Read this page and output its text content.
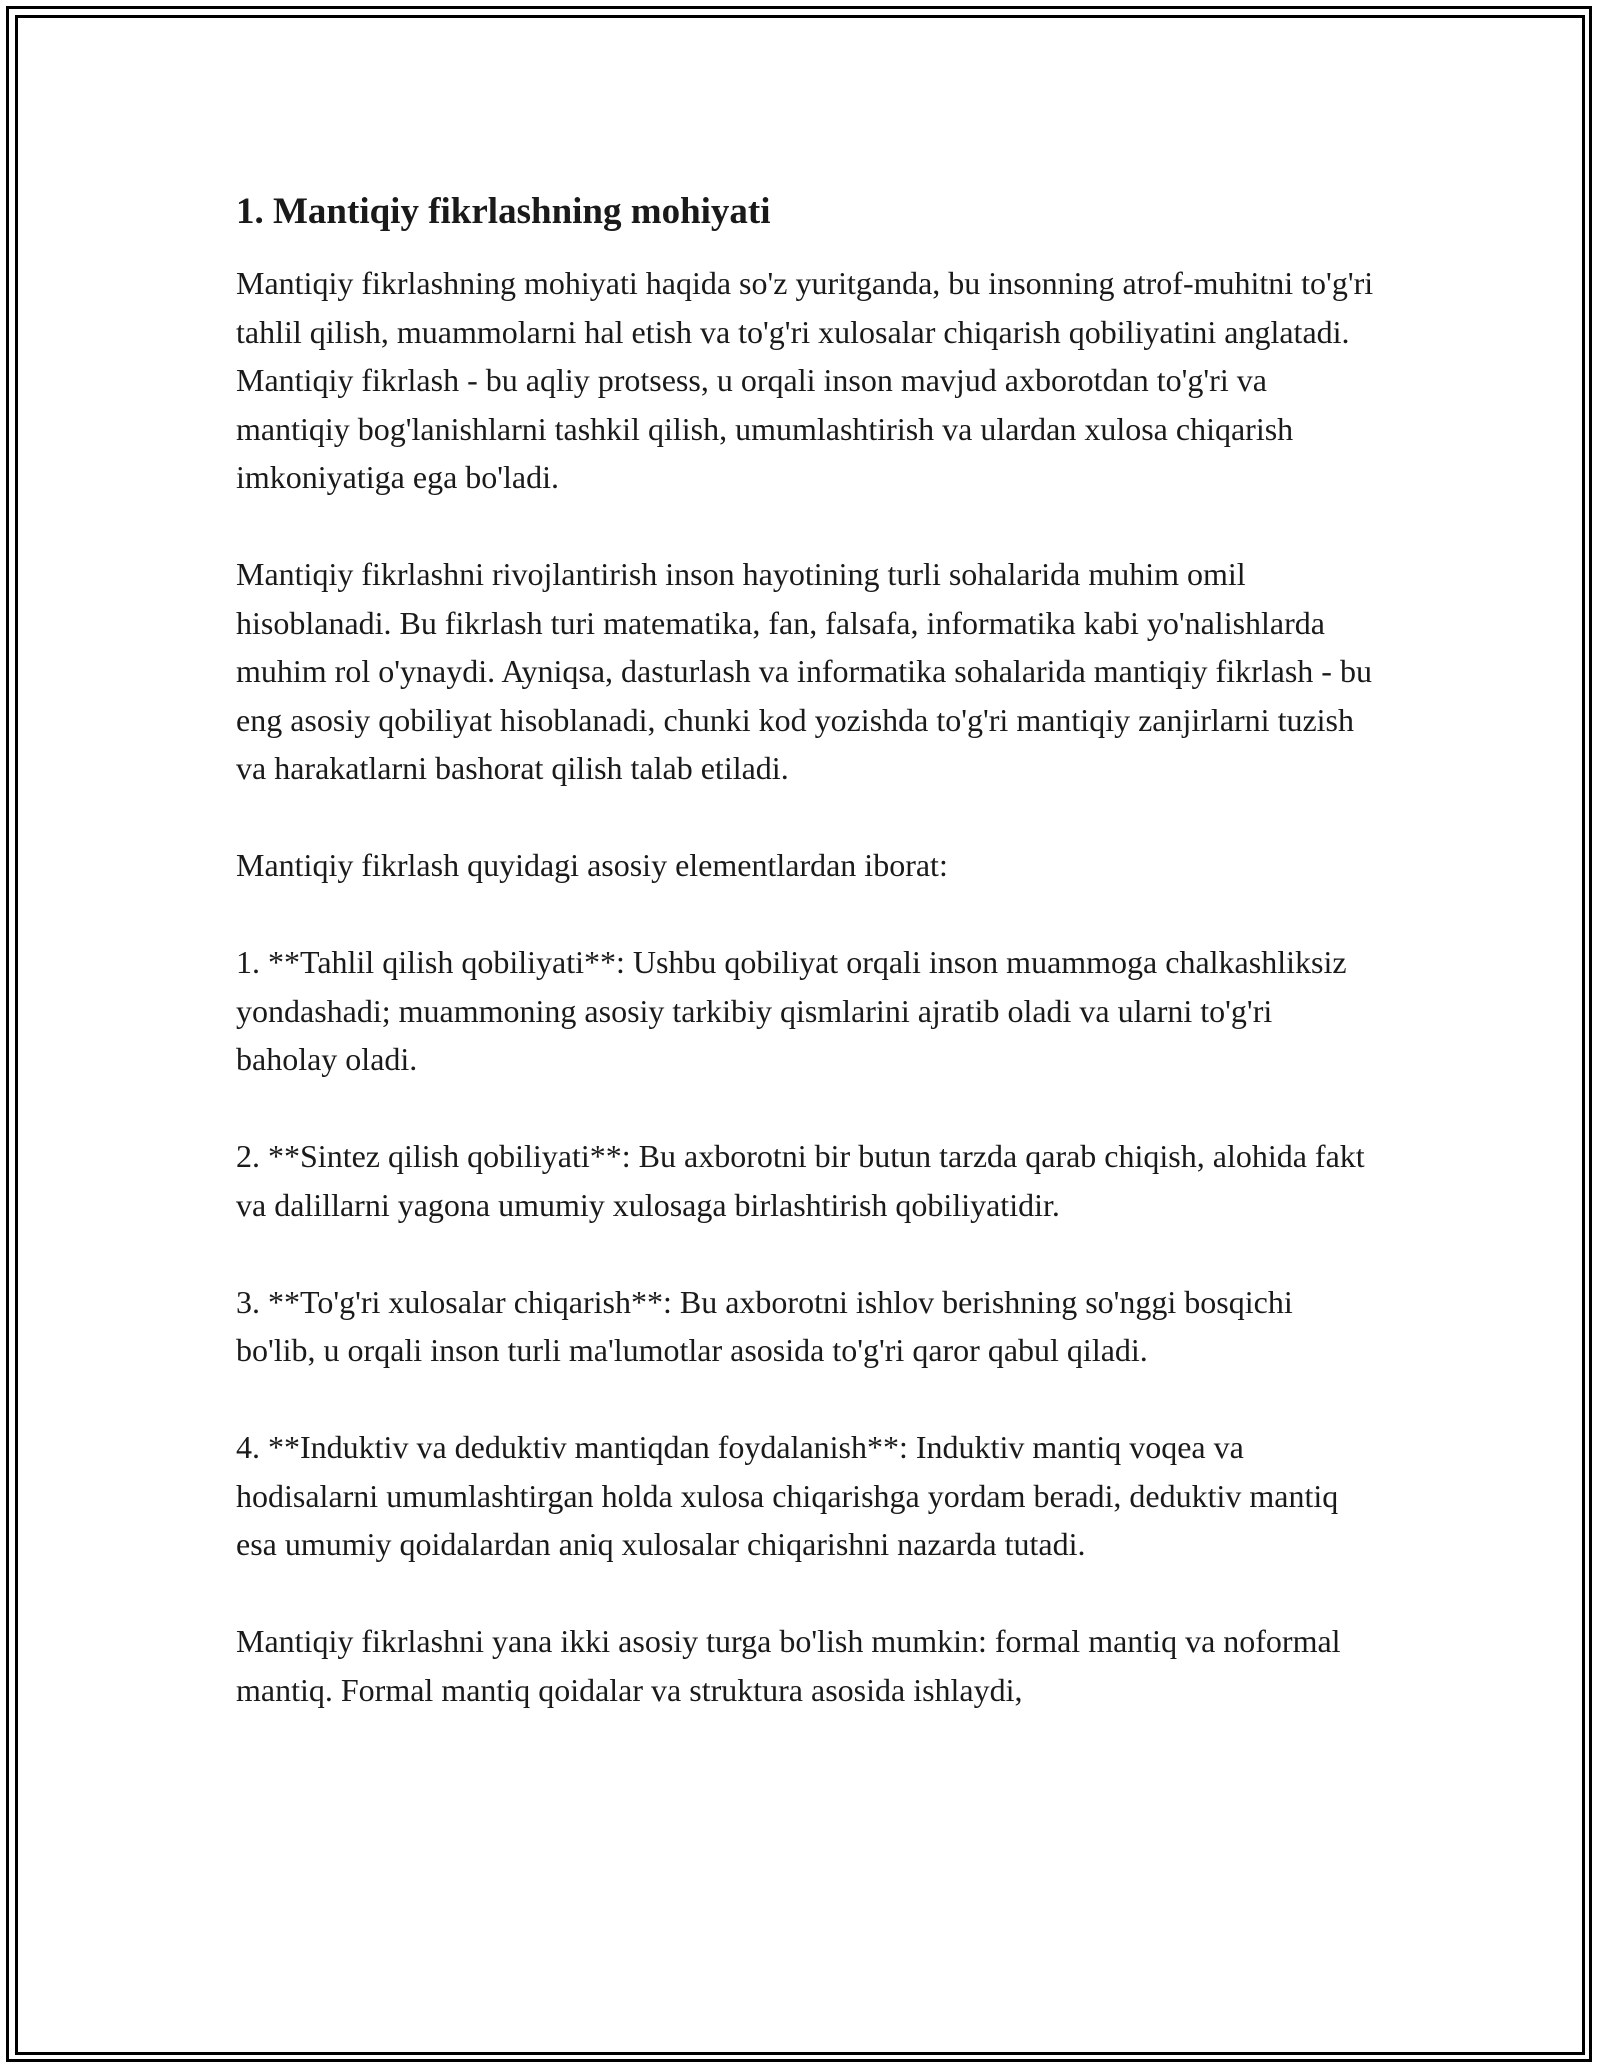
1. Mantiqiy fikrlashning mohiyati

Mantiqiy fikrlashning mohiyati haqida so'z yuritganda, bu insonning atrof-muhitni to'g'ri tahlil qilish, muammolarni hal etish va to'g'ri xulosalar chiqarish qobiliyatini anglatadi. Mantiqiy fikrlash - bu aqliy protsess, u orqali inson mavjud axborotdan to'g'ri va mantiqiy bog'lanishlarni tashkil qilish, umumlashtirish va ulardan xulosa chiqarish imkoniyatiga ega bo'ladi.

Mantiqiy fikrlashni rivojlantirish inson hayotining turli sohalarida muhim omil hisoblanadi. Bu fikrlash turi matematika, fan, falsafa, informatika kabi yo'nalishlarda muhim rol o'ynaydi. Ayniqsa, dasturlash va informatika sohalarida mantiqiy fikrlash - bu eng asosiy qobiliyat hisoblanadi, chunki kod yozishda to'g'ri mantiqiy zanjirlarni tuzish va harakatlarni bashorat qilish talab etiladi.

Mantiqiy fikrlash quyidagi asosiy elementlardan iborat:

1. **Tahlil qilish qobiliyati**: Ushbu qobiliyat orqali inson muammoga chalkashliksiz yondashadi; muammoning asosiy tarkibiy qismlarini ajratib oladi va ularni to'g'ri baholay oladi.

2. **Sintez qilish qobiliyati**: Bu axborotni bir butun tarzda qarab chiqish, alohida fakt va dalillarni yagona umumiy xulosaga birlashtirish qobiliyatidir.

3. **To'g'ri xulosalar chiqarish**: Bu axborotni ishlov berishning so'nggi bosqichi bo'lib, u orqali inson turli ma'lumotlar asosida to'g'ri qaror qabul qiladi.

4. **Induktiv va deduktiv mantiqdan foydalanish**: Induktiv mantiq voqea va hodisalarni umumlashtirgan holda xulosa chiqarishga yordam beradi, deduktiv mantiq esa umumiy qoidalardan aniq xulosalar chiqarishni nazarda tutadi.

Mantiqiy fikrlashni yana ikki asosiy turga bo'lish mumkin: formal mantiq va noformal mantiq. Formal mantiq qoidalar va struktura asosida ishlaydi,
